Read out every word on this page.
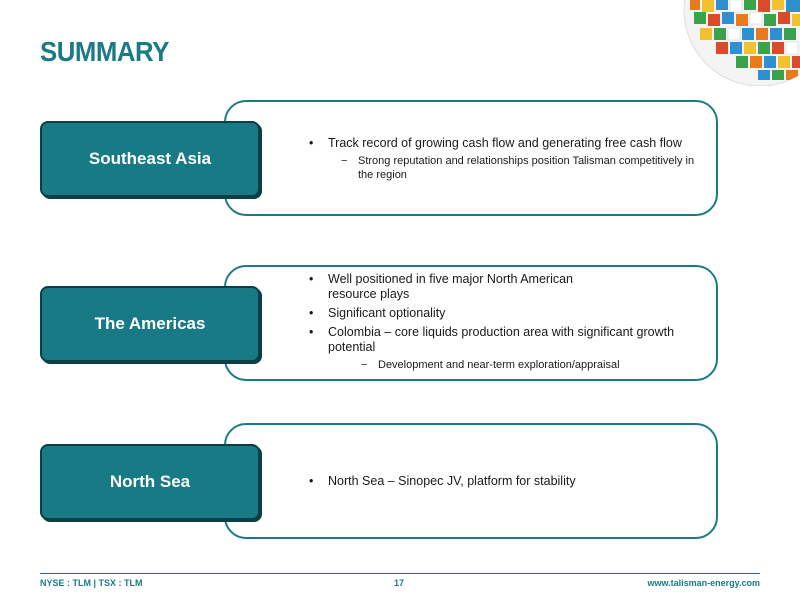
SUMMARY
Southeast Asia
• Track record of growing cash flow and generating free cash flow
− Strong reputation and relationships position Talisman competitively in the region
The Americas
• Well positioned in five major North American resource plays
• Significant optionality
• Colombia – core liquids production area with significant growth potential
− Development and near-term exploration/appraisal
North Sea
•	North Sea – Sinopec JV, platform for stability
NYSE : TLM | TSX : TLM	17	www.talisman-energy.com
